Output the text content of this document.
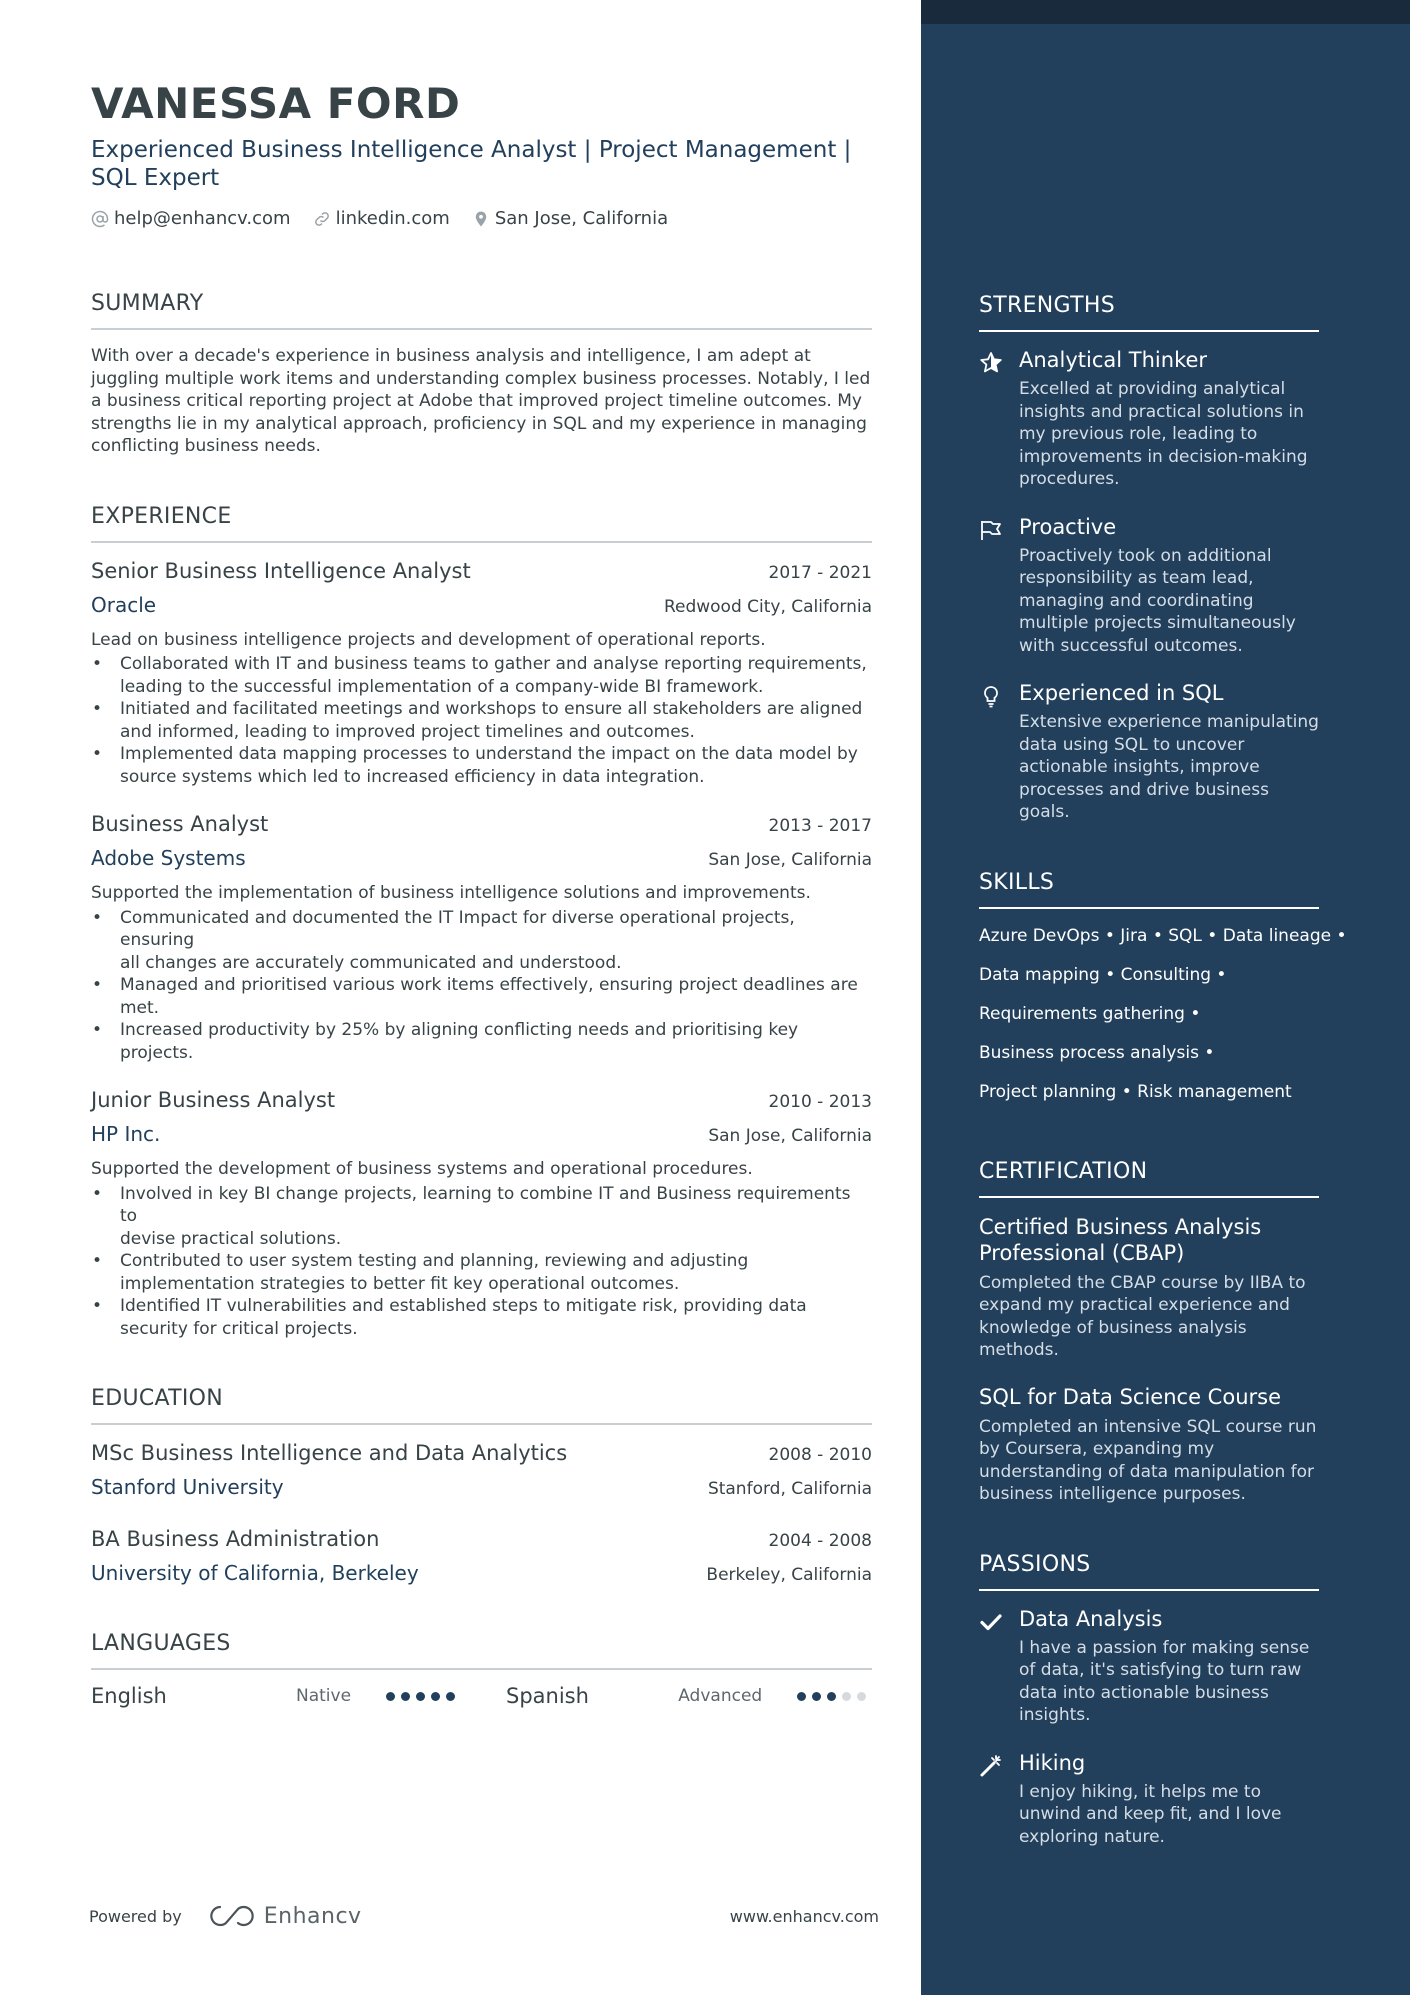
VANESSA FORD
Experienced Business Intelligence Analyst | Project Management |
SQL Expert
help@enhancv.com	linkedin.com	San Jose, California
SUMMARY
With over a decade's experience in business analysis and intelligence, I am adept at
juggling multiple work items and understanding complex business processes. Notably, I led
a business critical reporting project at Adobe that improved project timeline outcomes. My
strengths lie in my analytical approach, proficiency in SQL and my experience in managing
conflicting business needs.
EXPERIENCE
Senior Business Intelligence Analyst	2017 - 2021
Oracle	Redwood City, California
Lead on business intelligence projects and development of operational reports.
• Collaborated with IT and business teams to gather and analyse reporting requirements,
leading to the successful implementation of a company-wide BI framework.
• Initiated and facilitated meetings and workshops to ensure all stakeholders are aligned
and informed, leading to improved project timelines and outcomes.
• Implemented data mapping processes to understand the impact on the data model by
source systems which led to increased efficiency in data integration.
Business Analyst	2013 - 2017
Adobe Systems	San Jose, California
Supported the implementation of business intelligence solutions and improvements.
• Communicated and documented the IT Impact for diverse operational projects, ensuring
all changes are accurately communicated and understood.
• Managed and prioritised various work items effectively, ensuring project deadlines are
met.
• Increased productivity by 25% by aligning conflicting needs and prioritising key projects.
Junior Business Analyst	2010 - 2013
HP Inc.	San Jose, California
Supported the development of business systems and operational procedures.
• Involved in key BI change projects, learning to combine IT and Business requirements to
devise practical solutions.
• Contributed to user system testing and planning, reviewing and adjusting
implementation strategies to better fit key operational outcomes.
• Identified IT vulnerabilities and established steps to mitigate risk, providing data
security for critical projects.
EDUCATION
MSc Business Intelligence and Data Analytics	2008 - 2010
Stanford University	Stanford, California
BA Business Administration	2004 - 2008
University of California, Berkeley	Berkeley, California
LANGUAGES
English	Native	Spanish	Advanced
Powered by	Enhancv	www.enhancv.com
STRENGTHS
Analytical Thinker
Excelled at providing analytical
insights and practical solutions in
my previous role, leading to
improvements in decision-making
procedures.
Proactive
Proactively took on additional
responsibility as team lead,
managing and coordinating
multiple projects simultaneously
with successful outcomes.
Experienced in SQL
Extensive experience manipulating
data using SQL to uncover
actionable insights, improve
processes and drive business
goals.
SKILLS
Azure DevOps • Jira • SQL • Data lineage •
Data mapping • Consulting •
Requirements gathering •
Business process analysis •
Project planning • Risk management
CERTIFICATION
Certified Business Analysis
Professional (CBAP)
Completed the CBAP course by IIBA to
expand my practical experience and
knowledge of business analysis
methods.
SQL for Data Science Course
Completed an intensive SQL course run
by Coursera, expanding my
understanding of data manipulation for
business intelligence purposes.
PASSIONS
Data Analysis
I have a passion for making sense
of data, it's satisfying to turn raw
data into actionable business
insights.
Hiking
I enjoy hiking, it helps me to
unwind and keep fit, and I love
exploring nature.
